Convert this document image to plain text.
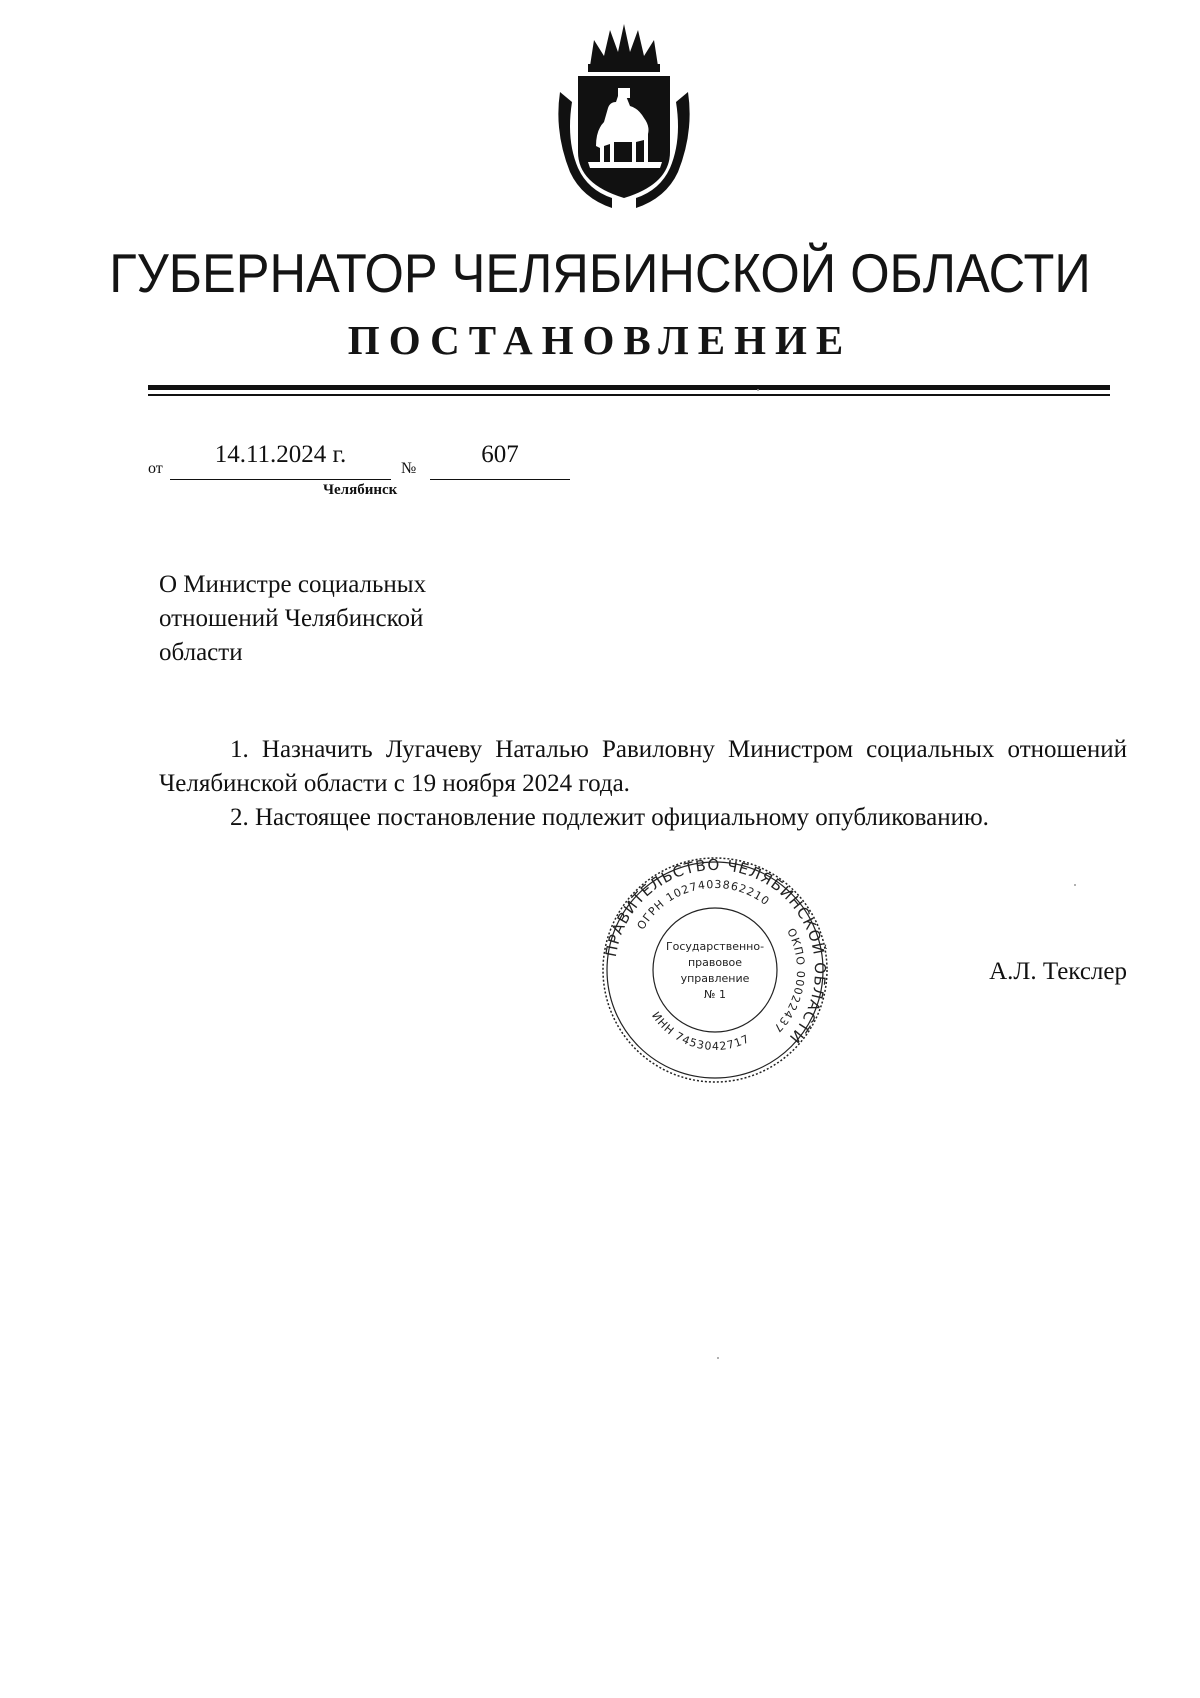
ГУБЕРНАТОР ЧЕЛЯБИНСКОЙ ОБЛАСТИ
ПОСТАНОВЛЕНИЕ
от
14.11.2024 г.
№
607
Челябинск
О Министре социальных отношений Челябинской области

1. Назначить Лугачеву Наталью Равиловну Министром социальных отношений Челябинской области с 19 ноября 2024 года.

2. Настоящее постановление подлежит официальному опубликованию.

ПРАВИТЕЛЬСТВО ЧЕЛЯБИНСКОЙ ОБЛАСТИ
ОГРН 1027403862210
ОКПО 00022437
ИНН 7453042717
Государственно-
правовое
управление
№ 1
А.Л. Текслер
